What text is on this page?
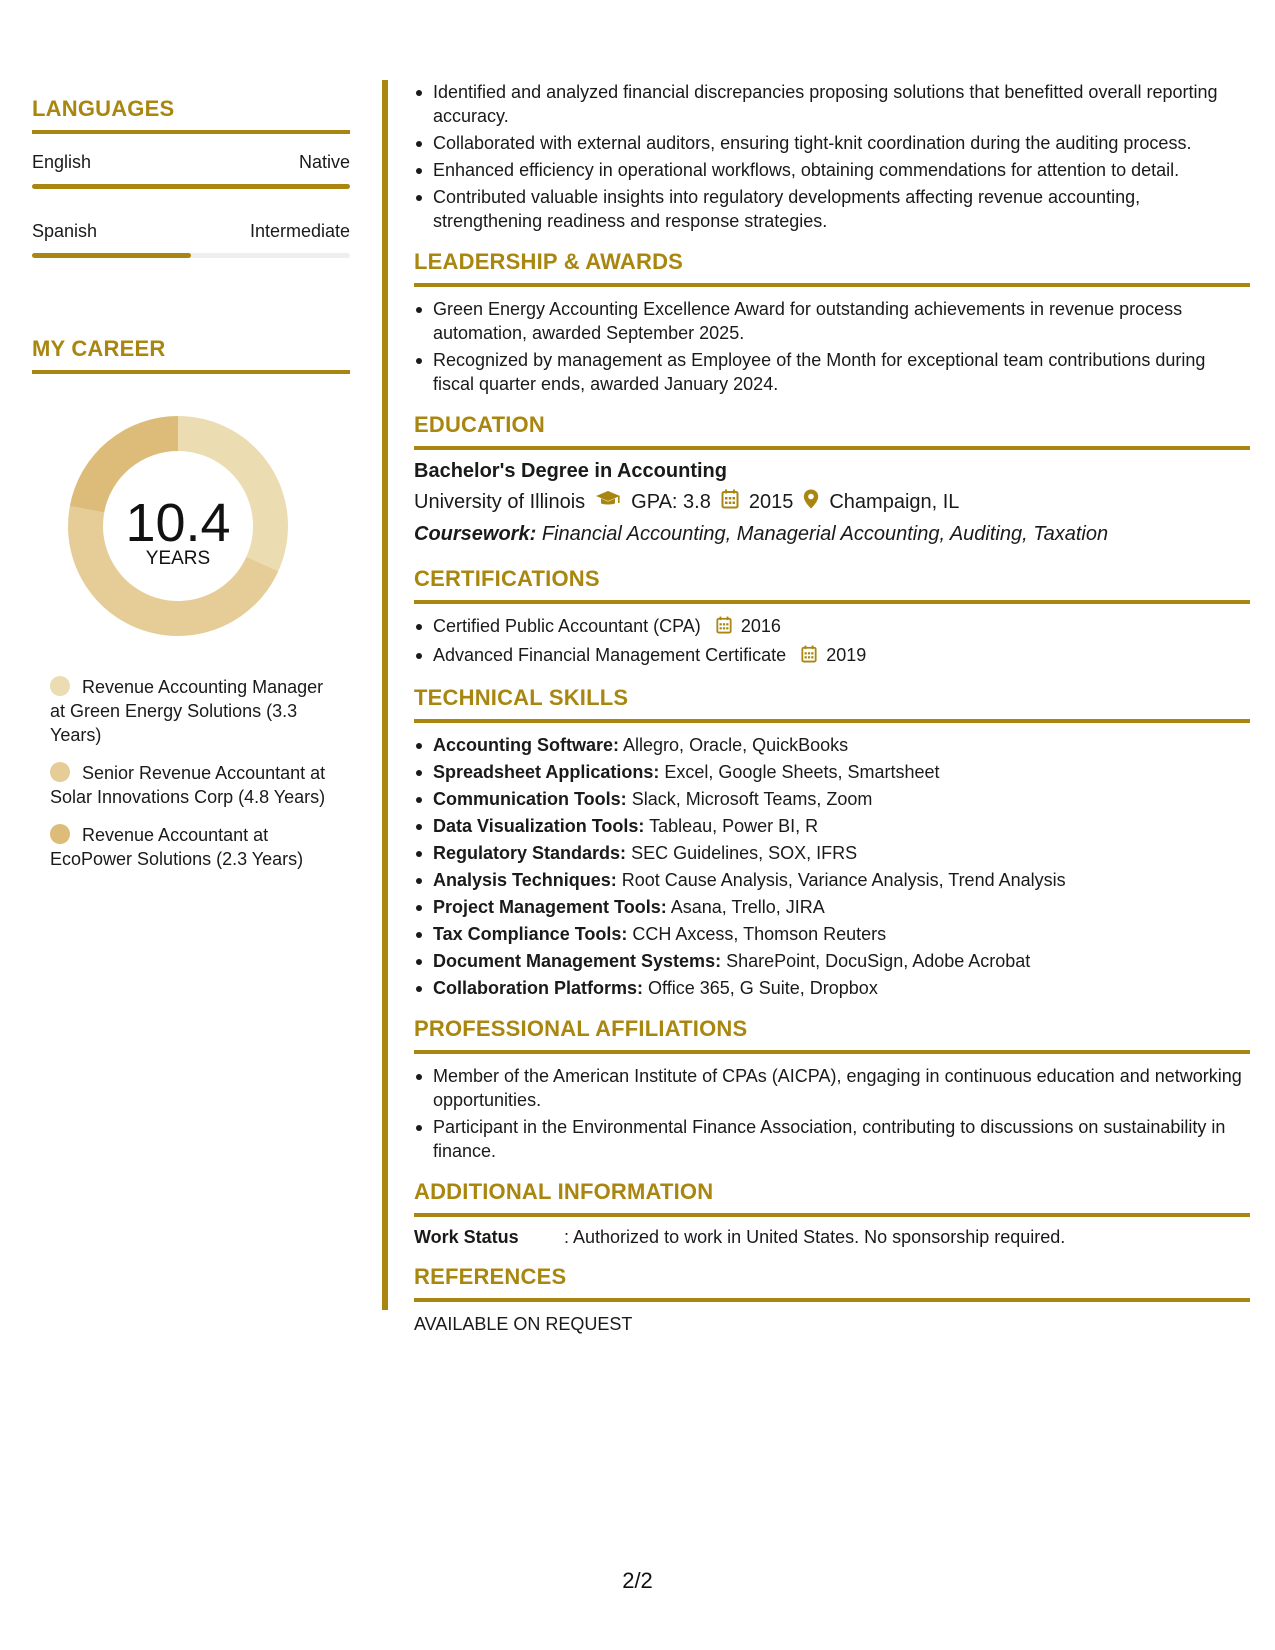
LANGUAGES
English	Native
Spanish	Intermediate
MY CAREER
10.4
YEARS
Revenue Accounting Manager at Green Energy Solutions (3.3 Years)
Senior Revenue Accountant at Solar Innovations Corp (4.8 Years)
Revenue Accountant at EcoPower Solutions (2.3 Years)
Identified and analyzed financial discrepancies proposing solutions that benefitted overall reporting accuracy.
Collaborated with external auditors, ensuring tight-knit coordination during the auditing process.
Enhanced efficiency in operational workflows, obtaining commendations for attention to detail.
Contributed valuable insights into regulatory developments affecting revenue accounting, strengthening readiness and response strategies.
LEADERSHIP & AWARDS
Green Energy Accounting Excellence Award for outstanding achievements in revenue process automation, awarded September 2025.
Recognized by management as Employee of the Month for exceptional team contributions during fiscal quarter ends, awarded January 2024.
EDUCATION
Bachelor's Degree in Accounting
University of Illinois GPA: 3.8 2015 Champaign, IL
Coursework: Financial Accounting, Managerial Accounting, Auditing, Taxation
CERTIFICATIONS
Certified Public Accountant (CPA) 2016
Advanced Financial Management Certificate 2019
TECHNICAL SKILLS
Accounting Software: Allegro, Oracle, QuickBooks
Spreadsheet Applications: Excel, Google Sheets, Smartsheet
Communication Tools: Slack, Microsoft Teams, Zoom
Data Visualization Tools: Tableau, Power BI, R
Regulatory Standards: SEC Guidelines, SOX, IFRS
Analysis Techniques: Root Cause Analysis, Variance Analysis, Trend Analysis
Project Management Tools: Asana, Trello, JIRA
Tax Compliance Tools: CCH Axcess, Thomson Reuters
Document Management Systems: SharePoint, DocuSign, Adobe Acrobat
Collaboration Platforms: Office 365, G Suite, Dropbox
PROFESSIONAL AFFILIATIONS
Member of the American Institute of CPAs (AICPA), engaging in continuous education and networking opportunities.
Participant in the Environmental Finance Association, contributing to discussions on sustainability in finance.
ADDITIONAL INFORMATION
Work Status	: Authorized to work in United States. No sponsorship required.
REFERENCES
AVAILABLE ON REQUEST
2/2
